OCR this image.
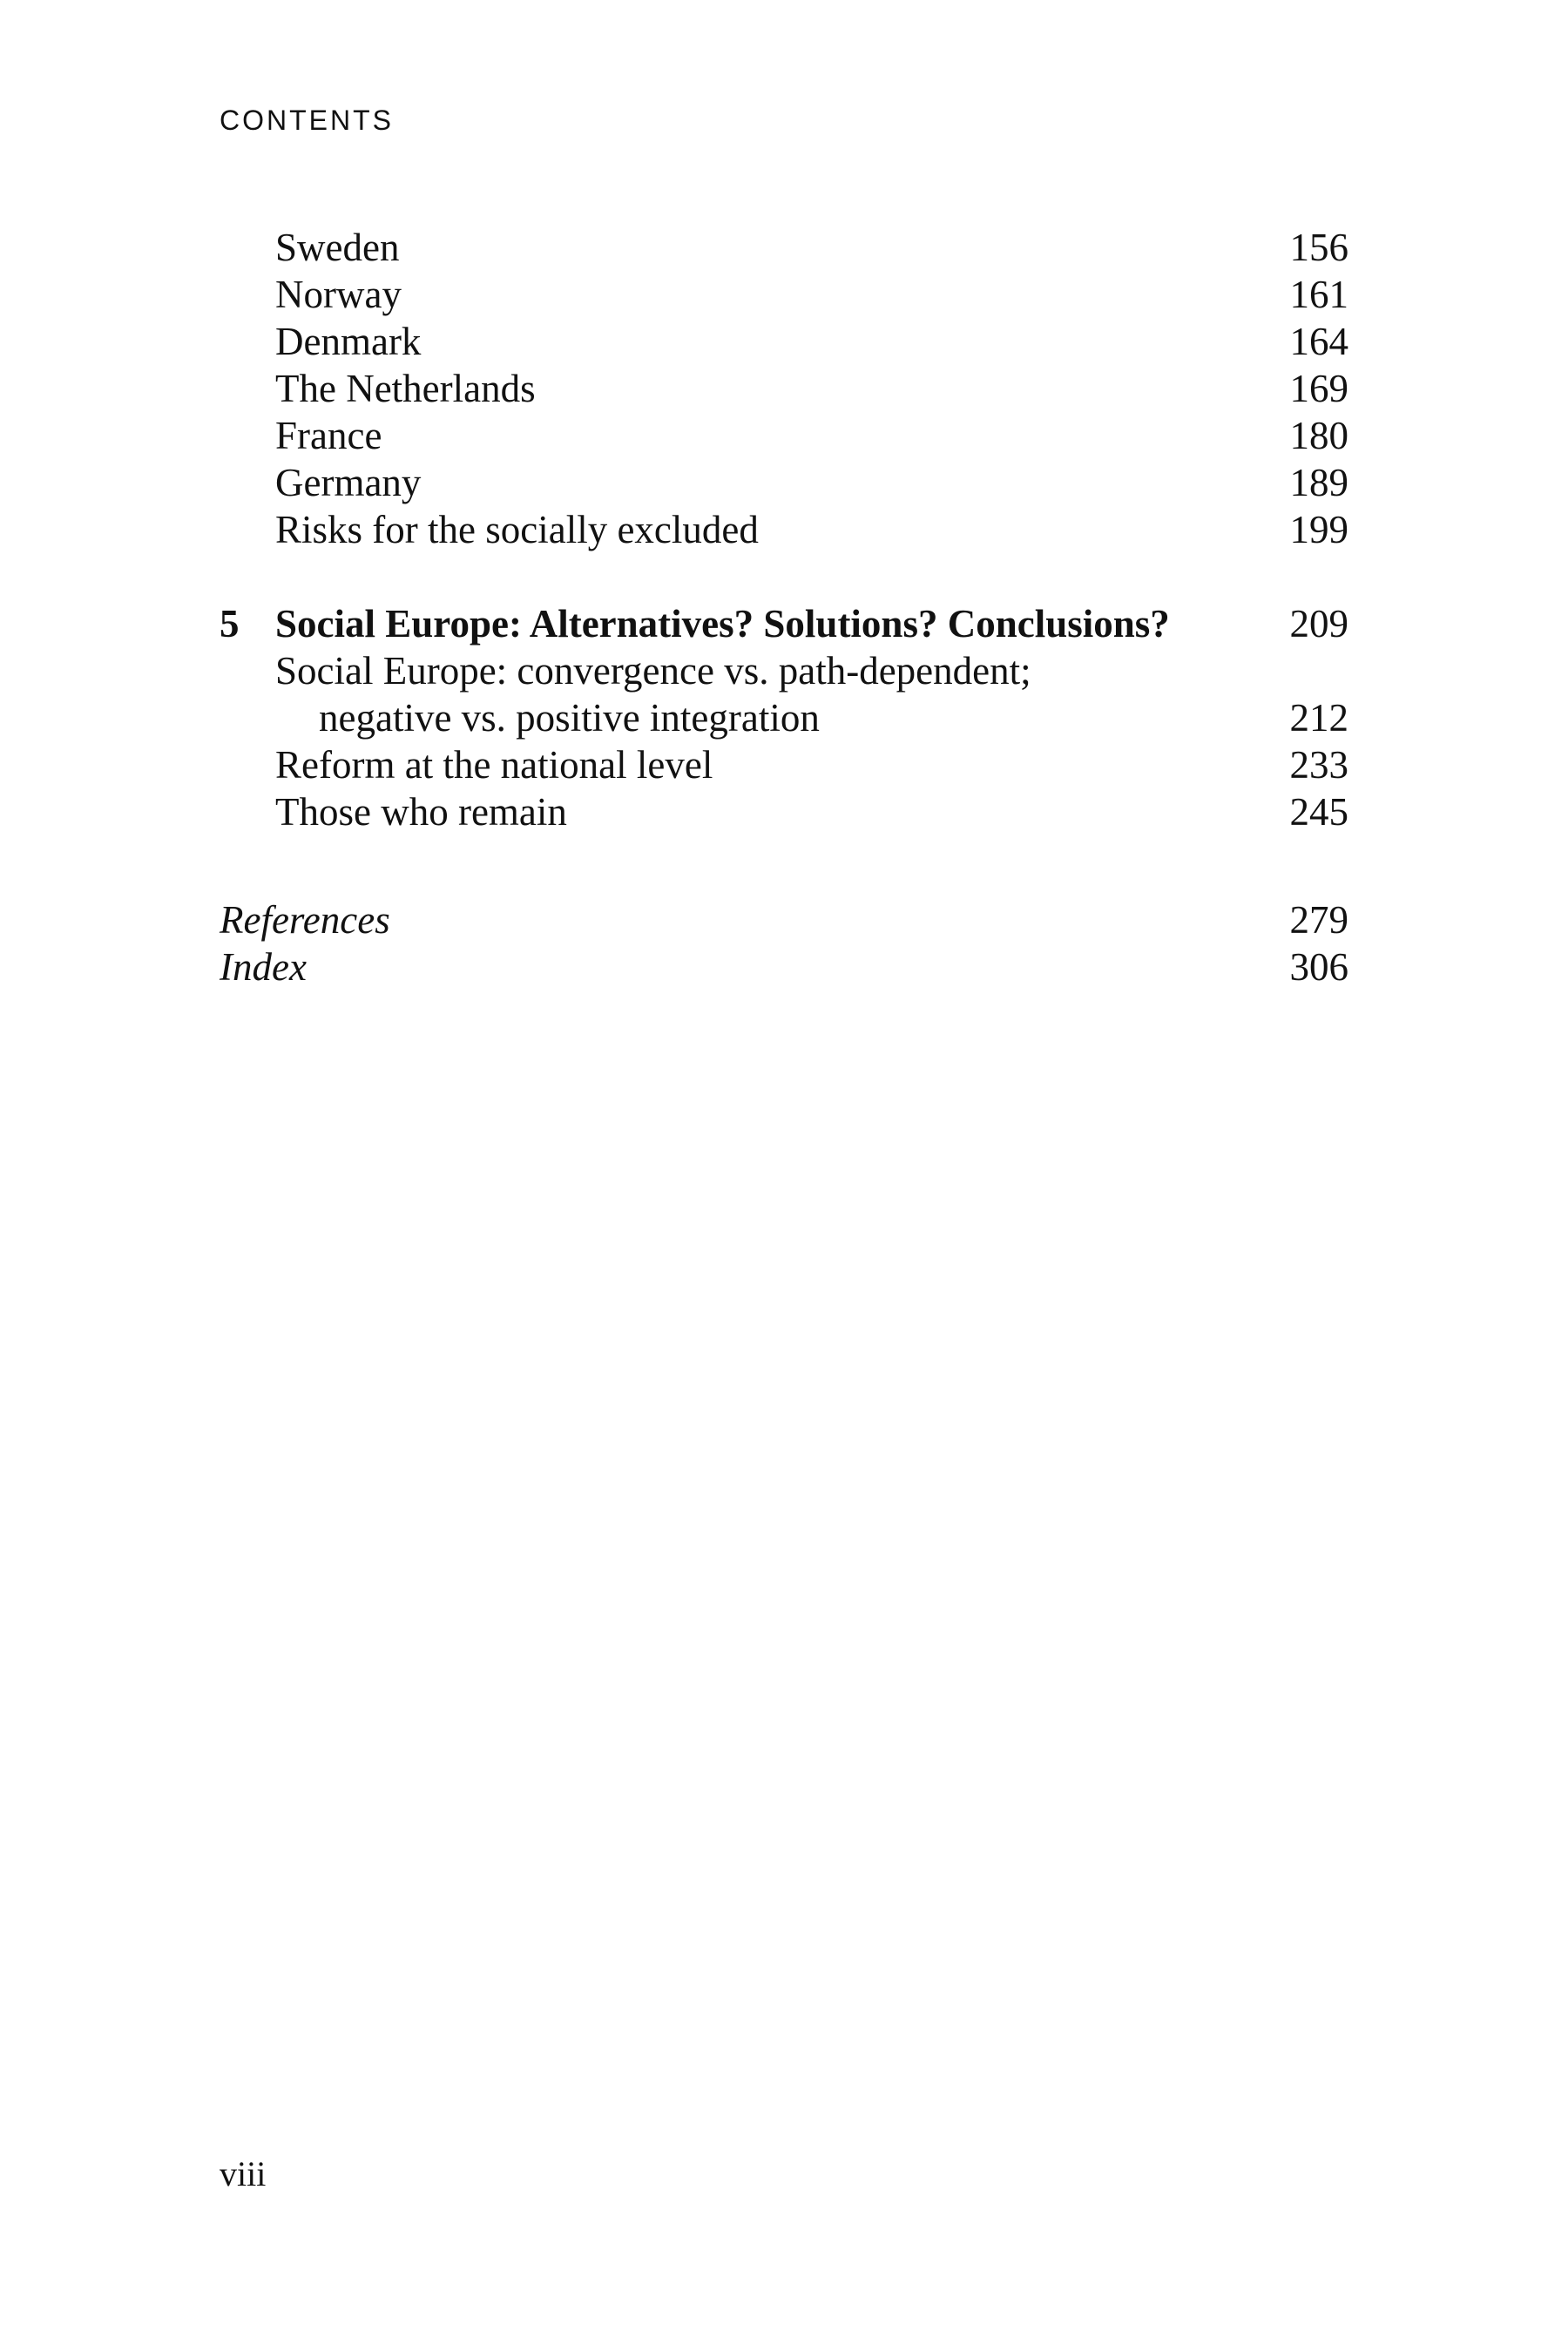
CONTENTS
Sweden	156
Norway	161
Denmark	164
The Netherlands	169
France	180
Germany	189
Risks for the socially excluded	199
5 Social Europe: Alternatives? Solutions? Conclusions?	209
Social Europe: convergence vs. path-dependent;
negative vs. positive integration	212
Reform at the national level	233
Those who remain	245
References	279
Index	306
viii
